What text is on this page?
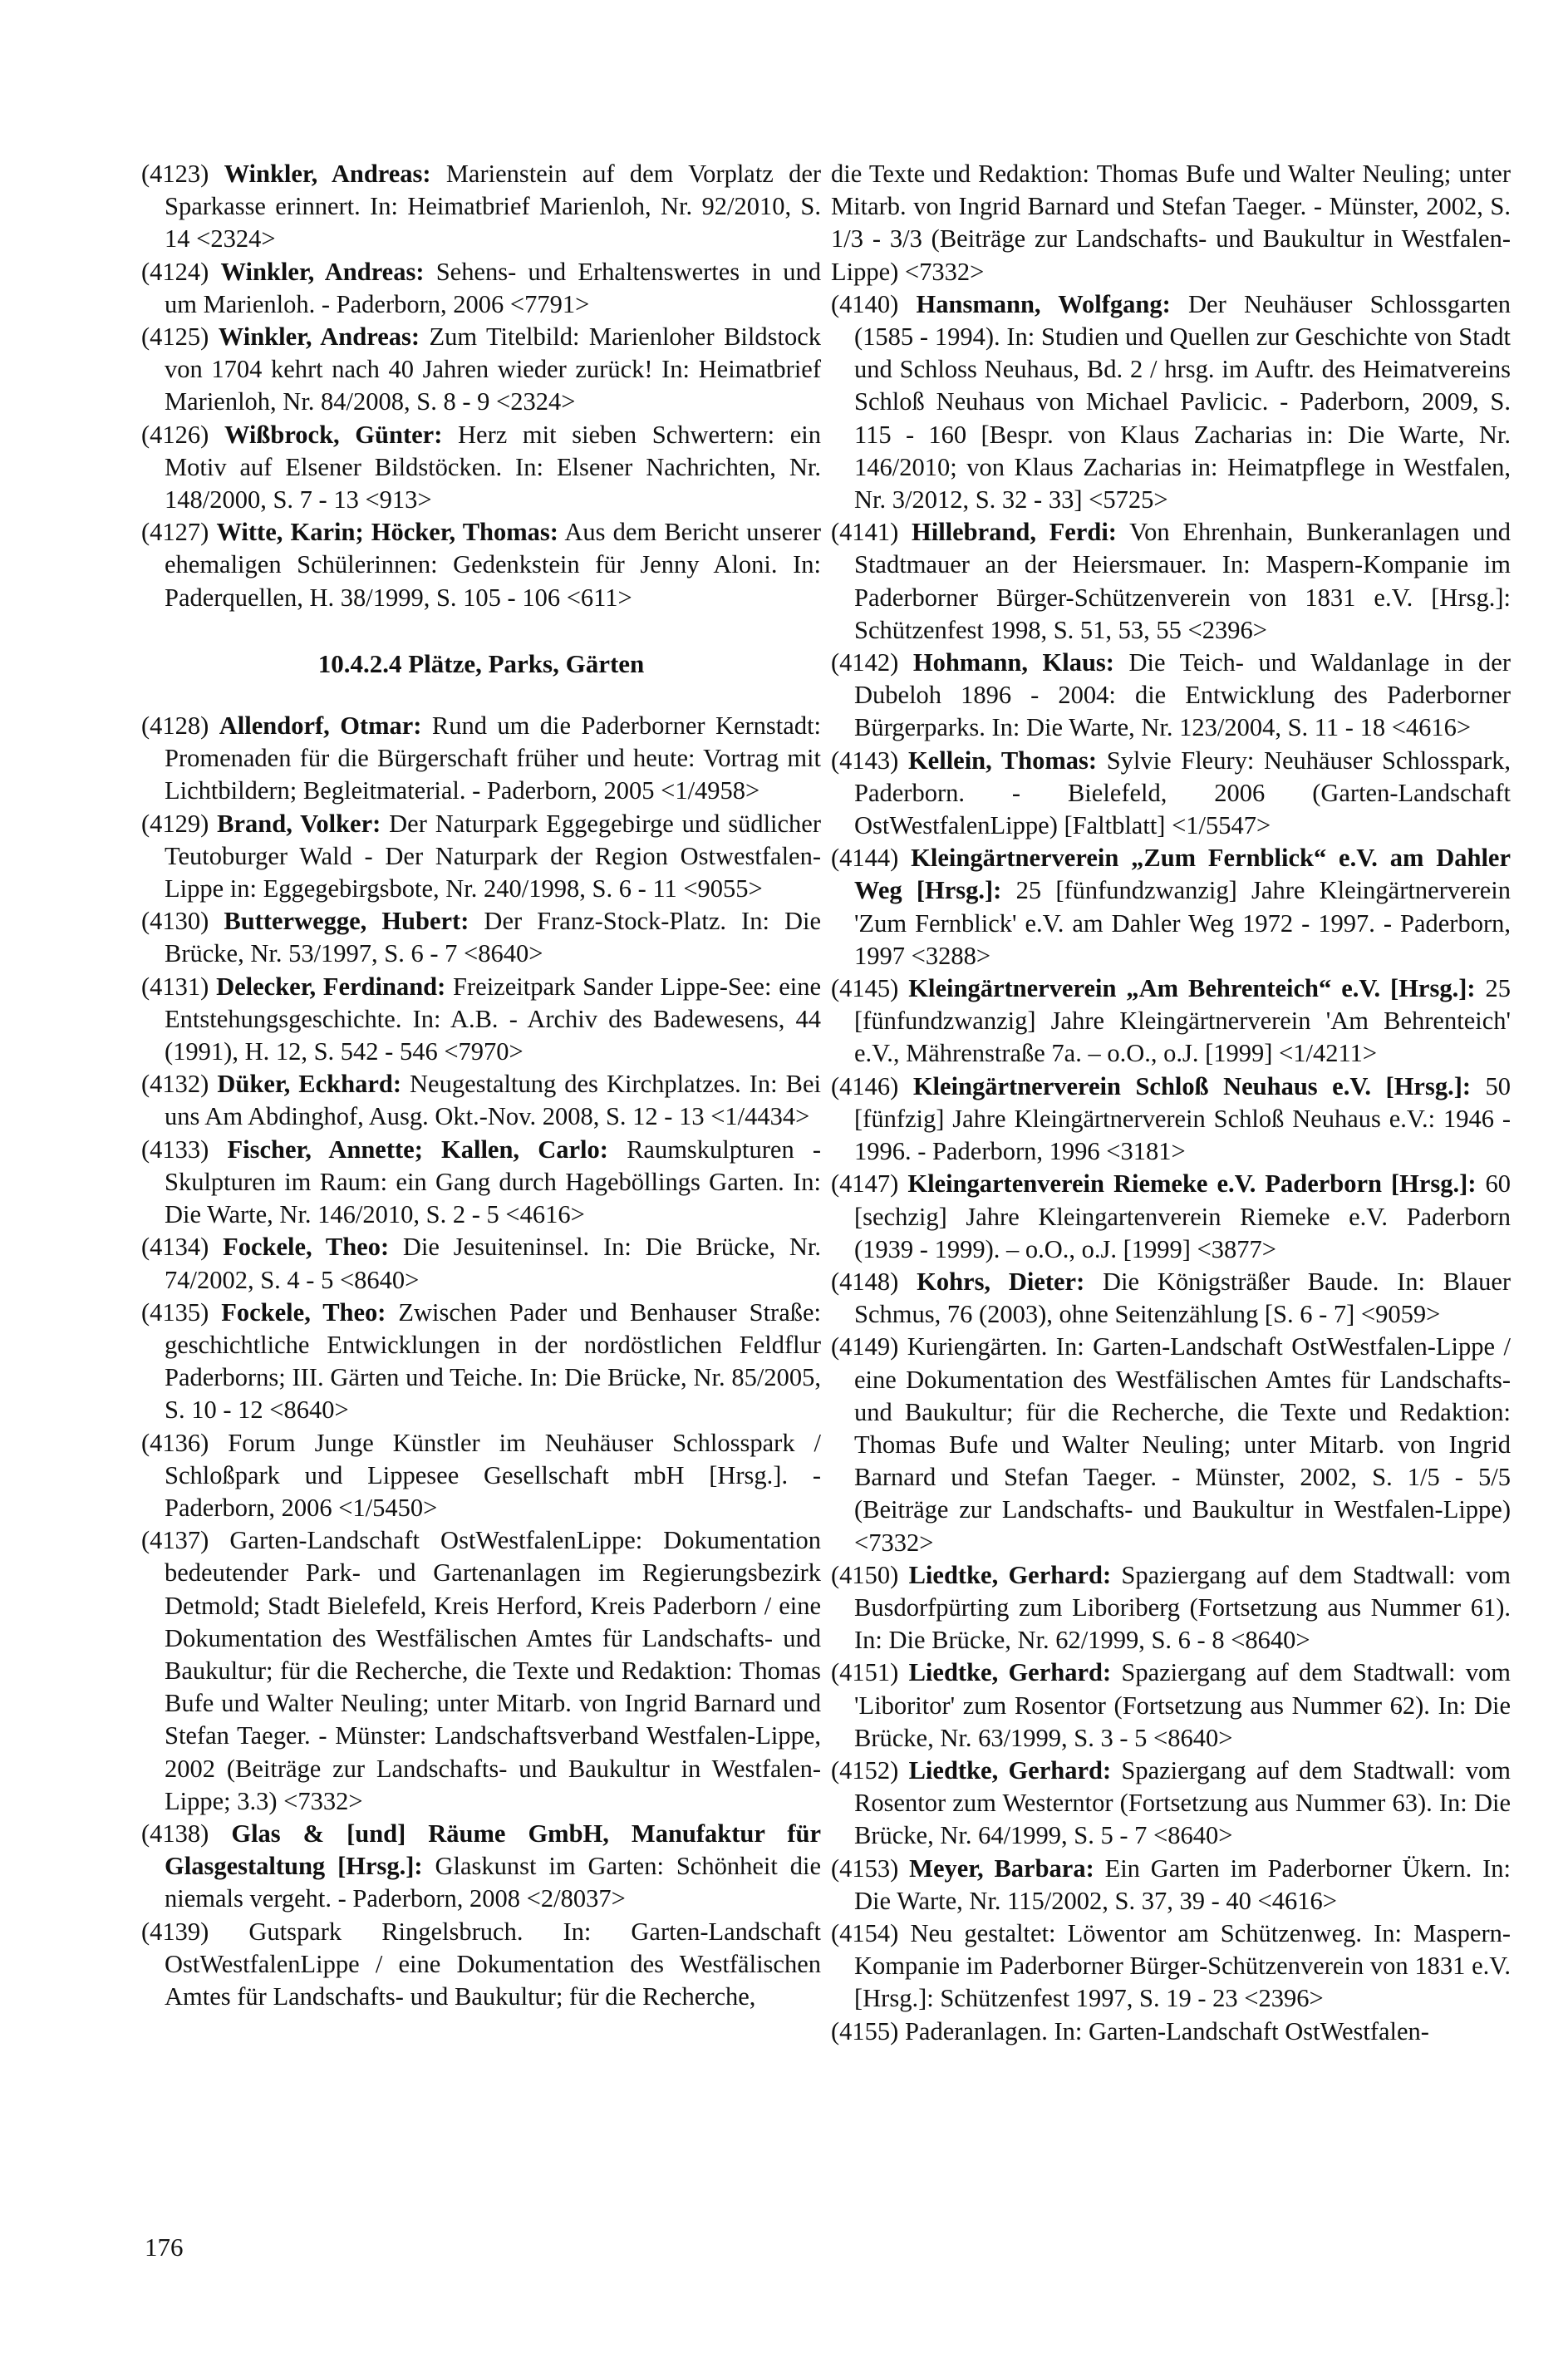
(4123) Winkler, Andreas: Marienstein auf dem Vorplatz der Sparkasse erinnert. In: Heimatbrief Marienloh, Nr. 92/2010, S. 14 <2324>

(4124) Winkler, Andreas: Sehens- und Erhaltenswertes in und um Marienloh. - Paderborn, 2006 <7791>

(4125) Winkler, Andreas: Zum Titelbild: Marienloher Bildstock von 1704 kehrt nach 40 Jahren wieder zurück! In: Heimatbrief Marienloh, Nr. 84/2008, S. 8 - 9 <2324>

(4126) Wißbrock, Günter: Herz mit sieben Schwertern: ein Motiv auf Elsener Bildstöcken. In: Elsener Nachrichten, Nr. 148/2000, S. 7 - 13 <913>

(4127) Witte, Karin; Höcker, Thomas: Aus dem Bericht unserer ehemaligen Schülerinnen: Gedenkstein für Jenny Aloni. In: Paderquellen, H. 38/1999, S. 105 - 106 <611>

10.4.2.4 Plätze, Parks, Gärten

(4128) Allendorf, Otmar: Rund um die Paderborner Kernstadt: Promenaden für die Bürgerschaft früher und heute: Vortrag mit Lichtbildern; Begleitmaterial. - Paderborn, 2005 <1/4958>

(4129) Brand, Volker: Der Naturpark Eggegebirge und südlicher Teutoburger Wald - Der Naturpark der Region Ostwestfalen-Lippe in: Eggegebirgsbote, Nr. 240/1998, S. 6 - 11 <9055>

(4130) Butterwegge, Hubert: Der Franz-Stock-Platz. In: Die Brücke, Nr. 53/1997, S. 6 - 7 <8640>

(4131) Delecker, Ferdinand: Freizeitpark Sander Lippe-See: eine Entstehungsgeschichte. In: A.B. - Archiv des Badewesens, 44 (1991), H. 12, S. 542 - 546 <7970>

(4132) Düker, Eckhard: Neugestaltung des Kirchplatzes. In: Bei uns Am Abdinghof, Ausg. Okt.-Nov. 2008, S. 12 - 13 <1/4434>

(4133) Fischer, Annette; Kallen, Carlo: Raumskulpturen - Skulpturen im Raum: ein Gang durch Hageböllings Garten. In: Die Warte, Nr. 146/2010, S. 2 - 5 <4616>

(4134) Fockele, Theo: Die Jesuiteninsel. In: Die Brücke, Nr. 74/2002, S. 4 - 5 <8640>

(4135) Fockele, Theo: Zwischen Pader und Benhauser Straße: geschichtliche Entwicklungen in der nordöstlichen Feldflur Paderborns; III. Gärten und Teiche. In: Die Brücke, Nr. 85/2005, S. 10 - 12 <8640>

(4136) Forum Junge Künstler im Neuhäuser Schlosspark / Schloßpark und Lippesee Gesellschaft mbH [Hrsg.]. - Paderborn, 2006 <1/5450>

(4137) Garten-Landschaft OstWestfalenLippe: Dokumentation bedeutender Park- und Gartenanlagen im Regierungsbezirk Detmold; Stadt Bielefeld, Kreis Herford, Kreis Paderborn / eine Dokumentation des Westfälischen Amtes für Landschafts- und Baukultur; für die Recherche, die Texte und Redaktion: Thomas Bufe und Walter Neuling; unter Mitarb. von Ingrid Barnard und Stefan Taeger. - Münster: Landschaftsverband Westfalen-Lippe, 2002 (Beiträge zur Landschafts- und Baukultur in Westfalen-Lippe; 3.3) <7332>

(4138) Glas & [und] Räume GmbH, Manufaktur für Glasgestaltung [Hrsg.]: Glaskunst im Garten: Schönheit die niemals vergeht. - Paderborn, 2008 <2/8037>

(4139) Gutspark Ringelsbruch. In: Garten-Landschaft OstWestfalenLippe / eine Dokumentation des Westfälischen Amtes für Landschafts- und Baukultur; für die Recherche,

die Texte und Redaktion: Thomas Bufe und Walter Neuling; unter Mitarb. von Ingrid Barnard und Stefan Taeger. - Münster, 2002, S. 1/3 - 3/3 (Beiträge zur Landschafts- und Baukultur in Westfalen-Lippe) <7332>

(4140) Hansmann, Wolfgang: Der Neuhäuser Schlossgarten (1585 - 1994). In: Studien und Quellen zur Geschichte von Stadt und Schloss Neuhaus, Bd. 2 / hrsg. im Auftr. des Heimatvereins Schloß Neuhaus von Michael Pavlicic. - Paderborn, 2009, S. 115 - 160 [Bespr. von Klaus Zacharias in: Die Warte, Nr. 146/2010; von Klaus Zacharias in: Heimatpflege in Westfalen, Nr. 3/2012, S. 32 - 33] <5725>

(4141) Hillebrand, Ferdi: Von Ehrenhain, Bunkeranlagen und Stadtmauer an der Heiersmauer. In: Maspern-Kompanie im Paderborner Bürger-Schützenverein von 1831 e.V. [Hrsg.]: Schützenfest 1998, S. 51, 53, 55 <2396>

(4142) Hohmann, Klaus: Die Teich- und Waldanlage in der Dubeloh 1896 - 2004: die Entwicklung des Paderborner Bürgerparks. In: Die Warte, Nr. 123/2004, S. 11 - 18 <4616>

(4143) Kellein, Thomas: Sylvie Fleury: Neuhäuser Schlosspark, Paderborn. - Bielefeld, 2006 (Garten-Landschaft OstWestfalenLippe) [Faltblatt] <1/5547>

(4144) Kleingärtnerverein „Zum Fernblick“ e.V. am Dahler Weg [Hrsg.]: 25 [fünfundzwanzig] Jahre Kleingärtnerverein 'Zum Fernblick' e.V. am Dahler Weg 1972 - 1997. - Paderborn, 1997 <3288>

(4145) Kleingärtnerverein „Am Behrenteich“ e.V. [Hrsg.]: 25 [fünfundzwanzig] Jahre Kleingärtnerverein 'Am Behrenteich' e.V., Mährenstraße 7a. – o.O., o.J. [1999] <1/4211>

(4146) Kleingärtnerverein Schloß Neuhaus e.V. [Hrsg.]: 50 [fünfzig] Jahre Kleingärtnerverein Schloß Neuhaus e.V.: 1946 - 1996. - Paderborn, 1996 <3181>

(4147) Kleingartenverein Riemeke e.V. Paderborn [Hrsg.]: 60 [sechzig] Jahre Kleingartenverein Riemeke e.V. Paderborn (1939 - 1999). – o.O., o.J. [1999] <3877>

(4148) Kohrs, Dieter: Die Königsträßer Baude. In: Blauer Schmus, 76 (2003), ohne Seitenzählung [S. 6 - 7] <9059>

(4149) Kuriengärten. In: Garten-Landschaft OstWestfalen-Lippe / eine Dokumentation des Westfälischen Amtes für Landschafts- und Baukultur; für die Recherche, die Texte und Redaktion: Thomas Bufe und Walter Neuling; unter Mitarb. von Ingrid Barnard und Stefan Taeger. - Münster, 2002, S. 1/5 - 5/5 (Beiträge zur Landschafts- und Baukultur in Westfalen-Lippe) <7332>

(4150) Liedtke, Gerhard: Spaziergang auf dem Stadtwall: vom Busdorfpürting zum Liboriberg (Fortsetzung aus Nummer 61). In: Die Brücke, Nr. 62/1999, S. 6 - 8 <8640>

(4151) Liedtke, Gerhard: Spaziergang auf dem Stadtwall: vom 'Liboritor' zum Rosentor (Fortsetzung aus Nummer 62). In: Die Brücke, Nr. 63/1999, S. 3 - 5 <8640>

(4152) Liedtke, Gerhard: Spaziergang auf dem Stadtwall: vom Rosentor zum Westerntor (Fortsetzung aus Nummer 63). In: Die Brücke, Nr. 64/1999, S. 5 - 7 <8640>

(4153) Meyer, Barbara: Ein Garten im Paderborner Ükern. In: Die Warte, Nr. 115/2002, S. 37, 39 - 40 <4616>

(4154) Neu gestaltet: Löwentor am Schützenweg. In: Maspern-Kompanie im Paderborner Bürger-Schützenverein von 1831 e.V. [Hrsg.]: Schützenfest 1997, S. 19 - 23 <2396>

(4155) Paderanlagen. In: Garten-Landschaft OstWestfalen-

176
